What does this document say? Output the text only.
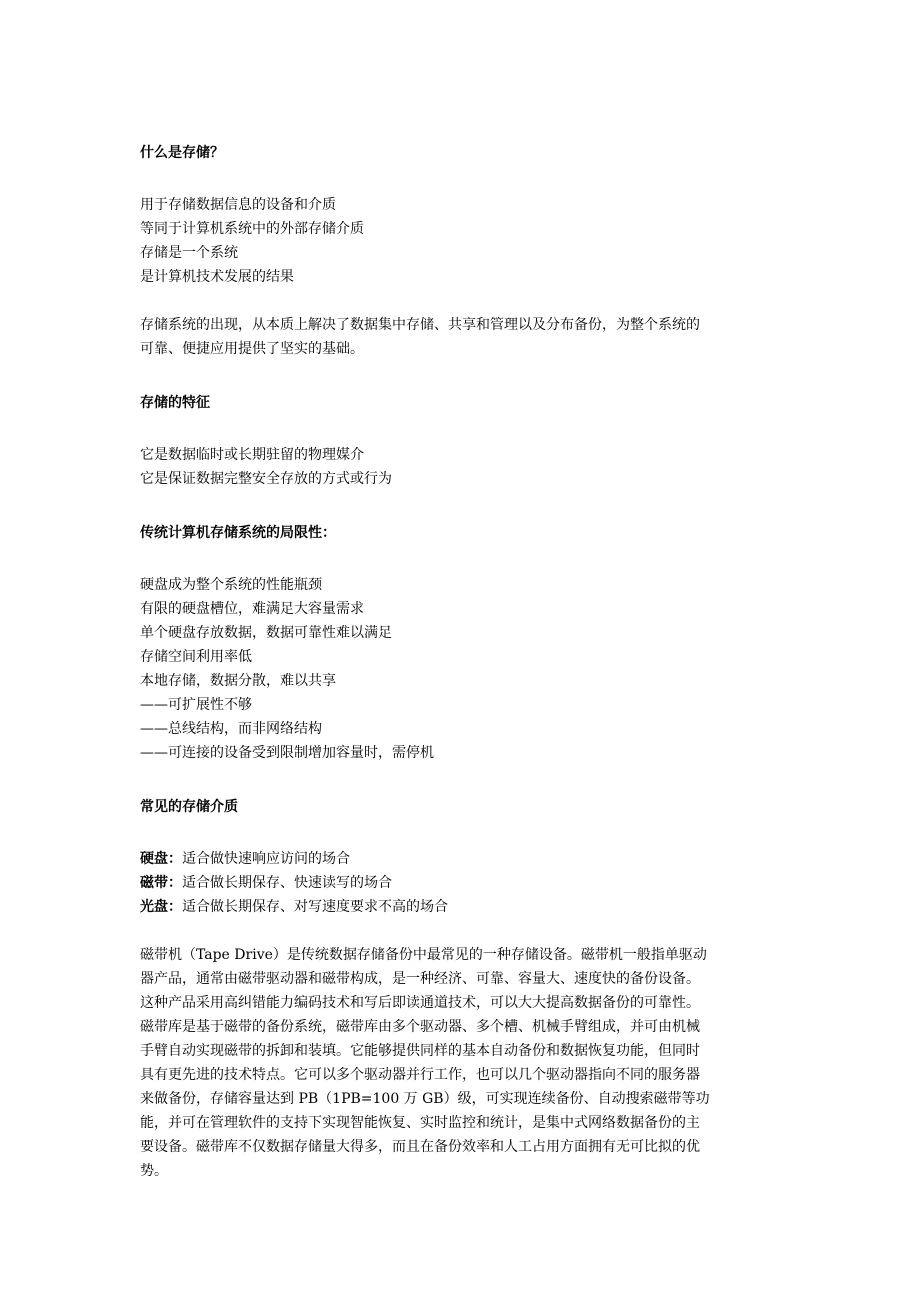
什么是存储？
用于存储数据信息的设备和介质
等同于计算机系统中的外部存储介质
存储是一个系统
是计算机技术发展的结果
存储系统的出现，从本质上解决了数据集中存储、共享和管理以及分布备份，为整个系统的
可靠、便捷应用提供了坚实的基础。
存储的特征
它是数据临时或长期驻留的物理媒介
它是保证数据完整安全存放的方式或行为
传统计算机存储系统的局限性：
硬盘成为整个系统的性能瓶颈
有限的硬盘槽位，难满足大容量需求
单个硬盘存放数据，数据可靠性难以满足
存储空间利用率低
本地存储，数据分散，难以共享
——可扩展性不够
——总线结构，而非网络结构
——可连接的设备受到限制增加容量时，需停机
常见的存储介质
硬盘：适合做快速响应访问的场合
磁带：适合做长期保存、快速读写的场合
光盘：适合做长期保存、对写速度要求不高的场合
磁带机（Tape Drive）是传统数据存储备份中最常见的一种存储设备。磁带机一般指单驱动
器产品，通常由磁带驱动器和磁带构成，是一种经济、可靠、容量大、速度快的备份设备。
这种产品采用高纠错能力编码技术和写后即读通道技术，可以大大提高数据备份的可靠性。
磁带库是基于磁带的备份系统，磁带库由多个驱动器、多个槽、机械手臂组成，并可由机械
手臂自动实现磁带的拆卸和装填。它能够提供同样的基本自动备份和数据恢复功能，但同时
具有更先进的技术特点。它可以多个驱动器并行工作，也可以几个驱动器指向不同的服务器
来做备份，存储容量达到 PB（1PB=100 万 GB）级，可实现连续备份、自动搜索磁带等功
能，并可在管理软件的支持下实现智能恢复、实时监控和统计，是集中式网络数据备份的主
要设备。磁带库不仅数据存储量大得多，而且在备份效率和人工占用方面拥有无可比拟的优
势。
